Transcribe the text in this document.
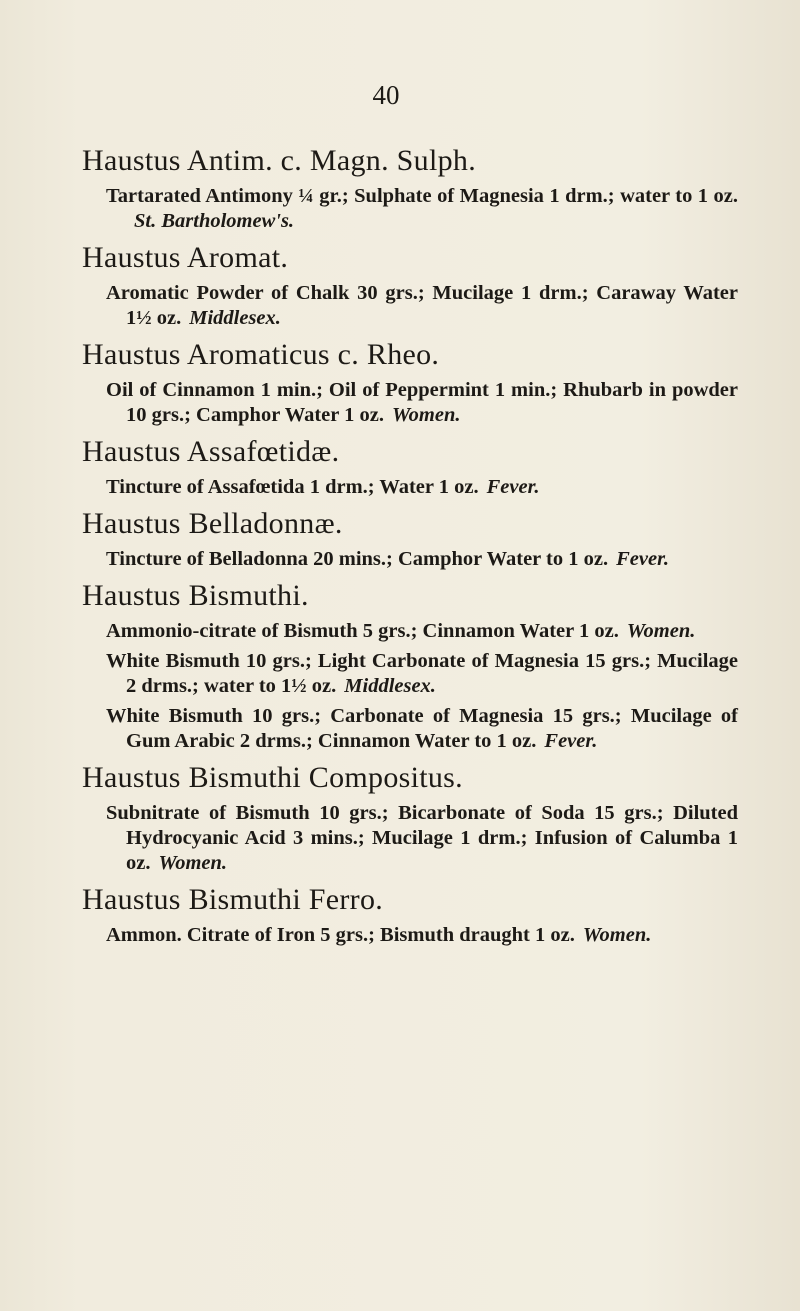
40
Haustus Antim. c. Magn. Sulph.

Tartarated Antimony ¼ gr.; Sulphate of Magnesia 1 drm.; water to 1 oz.St. Bartholomew's.

Haustus Aromat.

Aromatic Powder of Chalk 30 grs.; Mucilage 1 drm.; Caraway Water 1½ oz. Middlesex.

Haustus Aromaticus c. Rheo.

Oil of Cinnamon 1 min.; Oil of Peppermint 1 min.; Rhubarb in powder 10 grs.; Camphor Water 1 oz. Women.

Haustus Assafœtidæ.

Tincture of Assafœtida 1 drm.; Water 1 oz. Fever.

Haustus Belladonnæ.

Tincture of Belladonna 20 mins.; Camphor Water to 1 oz. Fever.

Haustus Bismuthi.

Ammonio-citrate of Bismuth 5 grs.; Cinnamon Water 1 oz. Women.

White Bismuth 10 grs.; Light Carbonate of Magnesia 15 grs.; Mucilage 2 drms.; water to 1½ oz. Middlesex.

White Bismuth 10 grs.; Carbonate of Magnesia 15 grs.; Mucilage of Gum Arabic 2 drms.; Cinnamon Water to 1 oz. Fever.

Haustus Bismuthi Compositus.

Subnitrate of Bismuth 10 grs.; Bicarbonate of Soda 15 grs.; Diluted Hydrocyanic Acid 3 mins.; Mucilage 1 drm.; Infusion of Calumba 1 oz. Women.

Haustus Bismuthi Ferro.

Ammon. Citrate of Iron 5 grs.; Bismuth draught 1 oz. Women.
